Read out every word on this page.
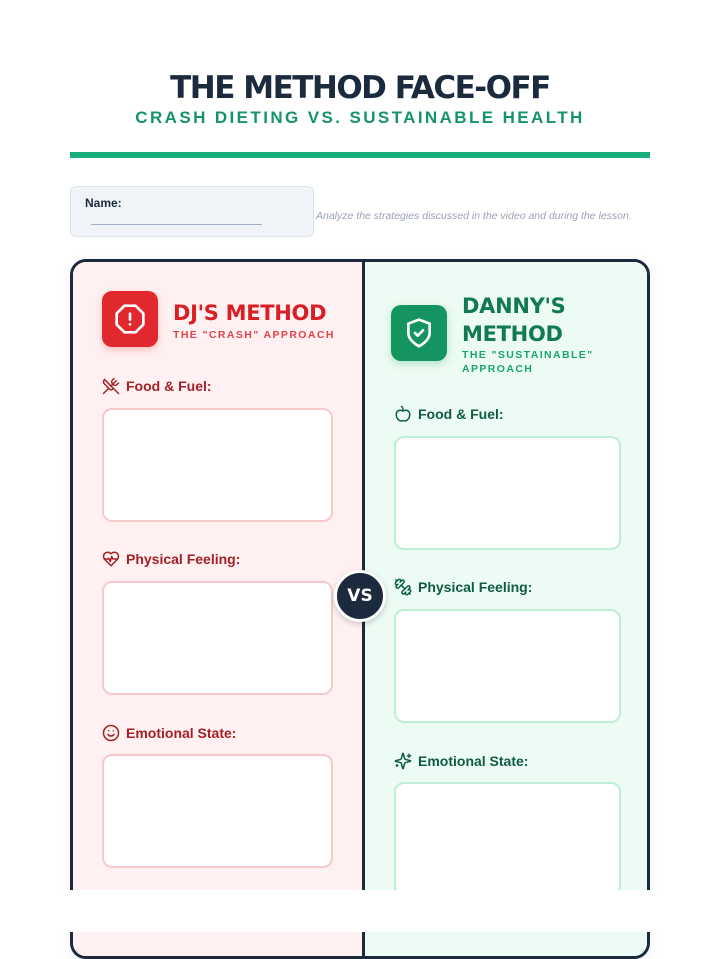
THE METHOD FACE-OFF
CRASH DIETING VS. SUSTAINABLE HEALTH
Name:
Analyze the strategies discussed in the video and during the lesson.
DJ'S METHOD
THE "CRASH" APPROACH
Food & Fuel:
Physical Feeling:
Emotional State:
DANNY'S METHOD
THE "SUSTAINABLE" APPROACH
Food & Fuel:
Physical Feeling:
Emotional State:
VS
